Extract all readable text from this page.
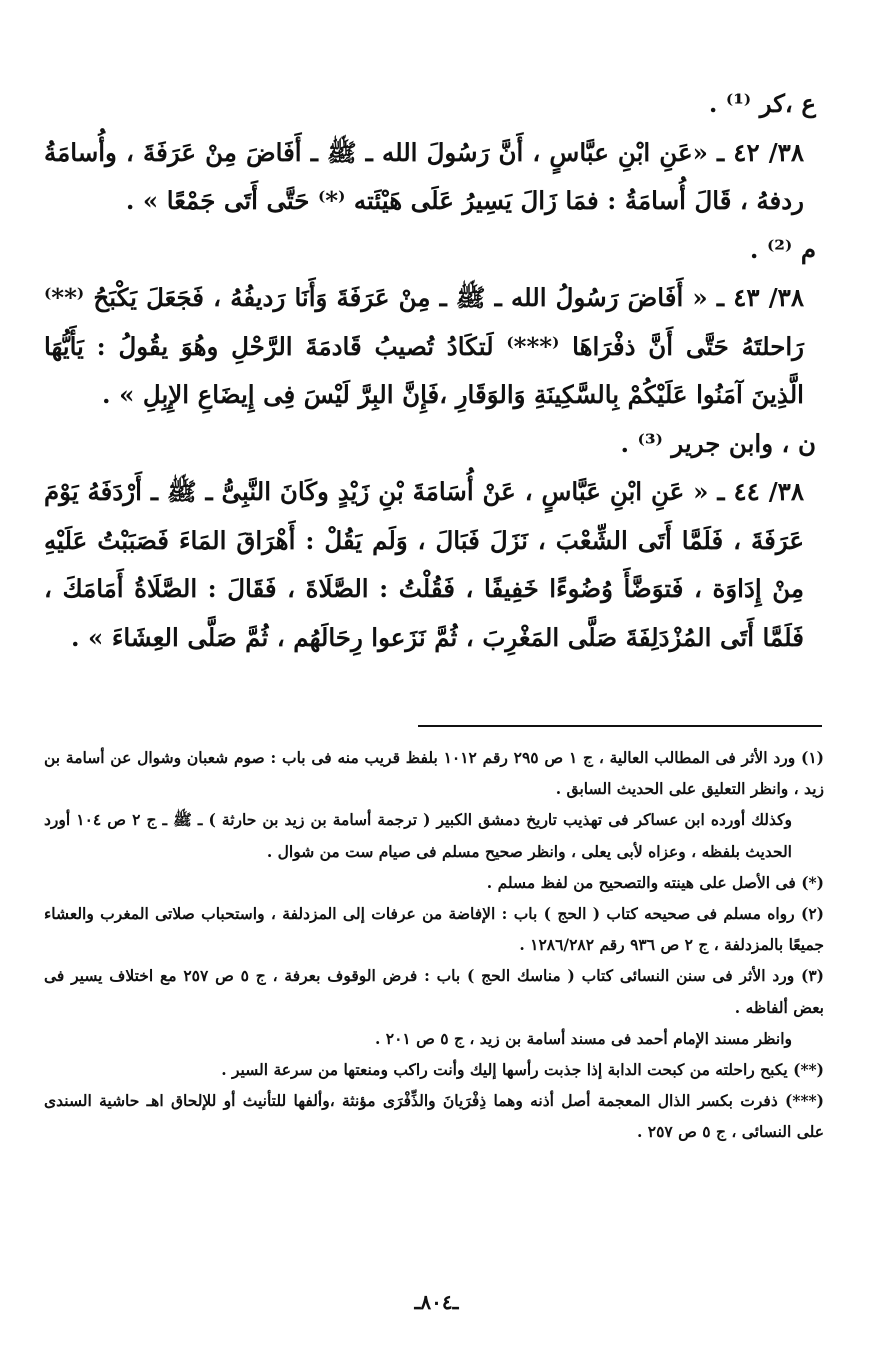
ع ،كر ⁽¹⁾ .

٣٨/ ٤٢ ـ «عَنِ ابْنِ عبَّاسٍ ، أَنَّ رَسُولَ الله ـ ﷺ ـ أَفَاضَ مِنْ عَرَفَةَ ، وأُسامَةُ ردفهُ ، قَالَ أُسامَةُ : فمَا زَالَ يَسِيرُ عَلَى هَيْئَته ⁽*⁾ حَتَّى أَتَى جَمْعًا » .

م ⁽²⁾ .

٣٨/ ٤٣ ـ « أَفَاضَ رَسُولُ الله ـ ﷺ ـ مِنْ عَرَفَةَ وَأَنَا رَديفُهُ ، فَجَعَلَ يَكْبَحُ ⁽**⁾ رَاحلتَهُ حَتَّى أَنَّ ذفْرَاهَا ⁽***⁾ لَتكَادُ تُصيبُ قَادمَةَ الرَّحْلِ وهُوَ يقُولُ : يَأَيُّهَا الَّذِينَ آمَنُوا عَلَيْكُمْ بِالسَّكِينَةِ وَالوَقَارِ ،فَإِنَّ البِرَّ لَيْسَ فِى إِيضَاعِ الإِبِلِ » .

ن ، وابن جرير ⁽³⁾ .

٣٨/ ٤٤ ـ « عَنِ ابْنِ عَبَّاسٍ ، عَنْ أُسَامَةَ بْنِ زَيْدٍ وكَانَ النَّبِىُّ ـ ﷺ ـ أَرْدَفَهُ يَوْمَ عَرَفَةَ ، فَلَمَّا أَتَى الشِّعْبَ ، نَزَلَ فَبَالَ ، وَلَم يَقُلْ : أَهْرَاقَ المَاءَ فَصَبَبْتُ عَلَيْهِ مِنْ إِدَاوَة ، فَتوَضَّأَ وُضُوءًا خَفِيفًا ، فَقُلْتُ : الصَّلَاةَ ، فَقَالَ : الصَّلَاةُ أَمَامَكَ ، فَلَمَّا أَتَى المُزْدَلِفَةَ صَلَّى المَغْرِبَ ، ثُمَّ نَزَعوا رِحَالَهُم ، ثُمَّ صَلَّى العِشَاءَ » .

(١) ورد الأثر فى المطالب العالية ، ج ١ ص ٢٩٥ رقم ١٠١٢ بلفظ قريب منه فى باب : صوم شعبان وشوال عن أسامة بن زيد ، وانظر التعليق على الحديث السابق .

وكذلك أورده ابن عساكر فى تهذيب تاريخ دمشق الكبير ( ترجمة أسامة بن زيد بن حارثة ) ـ ﷺ ـ ج ٢ ص ١٠٤ أورد الحديث بلفظه ، وعزاه لأبى يعلى ، وانظر صحيح مسلم فى صيام ست من شوال .

(*) فى الأصل على هينته والتصحيح من لفظ مسلم .

(٢) رواه مسلم فى صحيحه كتاب ( الحج ) باب : الإفاضة من عرفات إلى المزدلفة ، واستحباب صلاتى المغرب والعشاء جميعًا بالمزدلفة ، ج ٢ ص ٩٣٦ رقم ١٢٨٦/٢٨٢ .

(٣) ورد الأثر فى سنن النسائى كتاب ( مناسك الحج ) باب : فرض الوقوف بعرفة ، ج ٥ ص ٢٥٧ مع اختلاف يسير فى بعض ألفاظه .

وانظر مسند الإمام أحمد فى مسند أسامة بن زيد ، ج ٥ ص ٢٠١ .

(**) يكبح راحلته من كبحت الدابة إذا جذبت رأسها إليك وأنت راكب ومنعتها من سرعة السير .

(***) ذفرت بكسر الذال المعجمة أصل أذنه وهما ذِفْرَيانَ والذِّفْرَى مؤنثة ،وألفها للتأنيث أو للإلحاق اهـ حاشية السندى على النسائى ، ج ٥ ص ٢٥٧ .

ـ٨٠٤ـ
